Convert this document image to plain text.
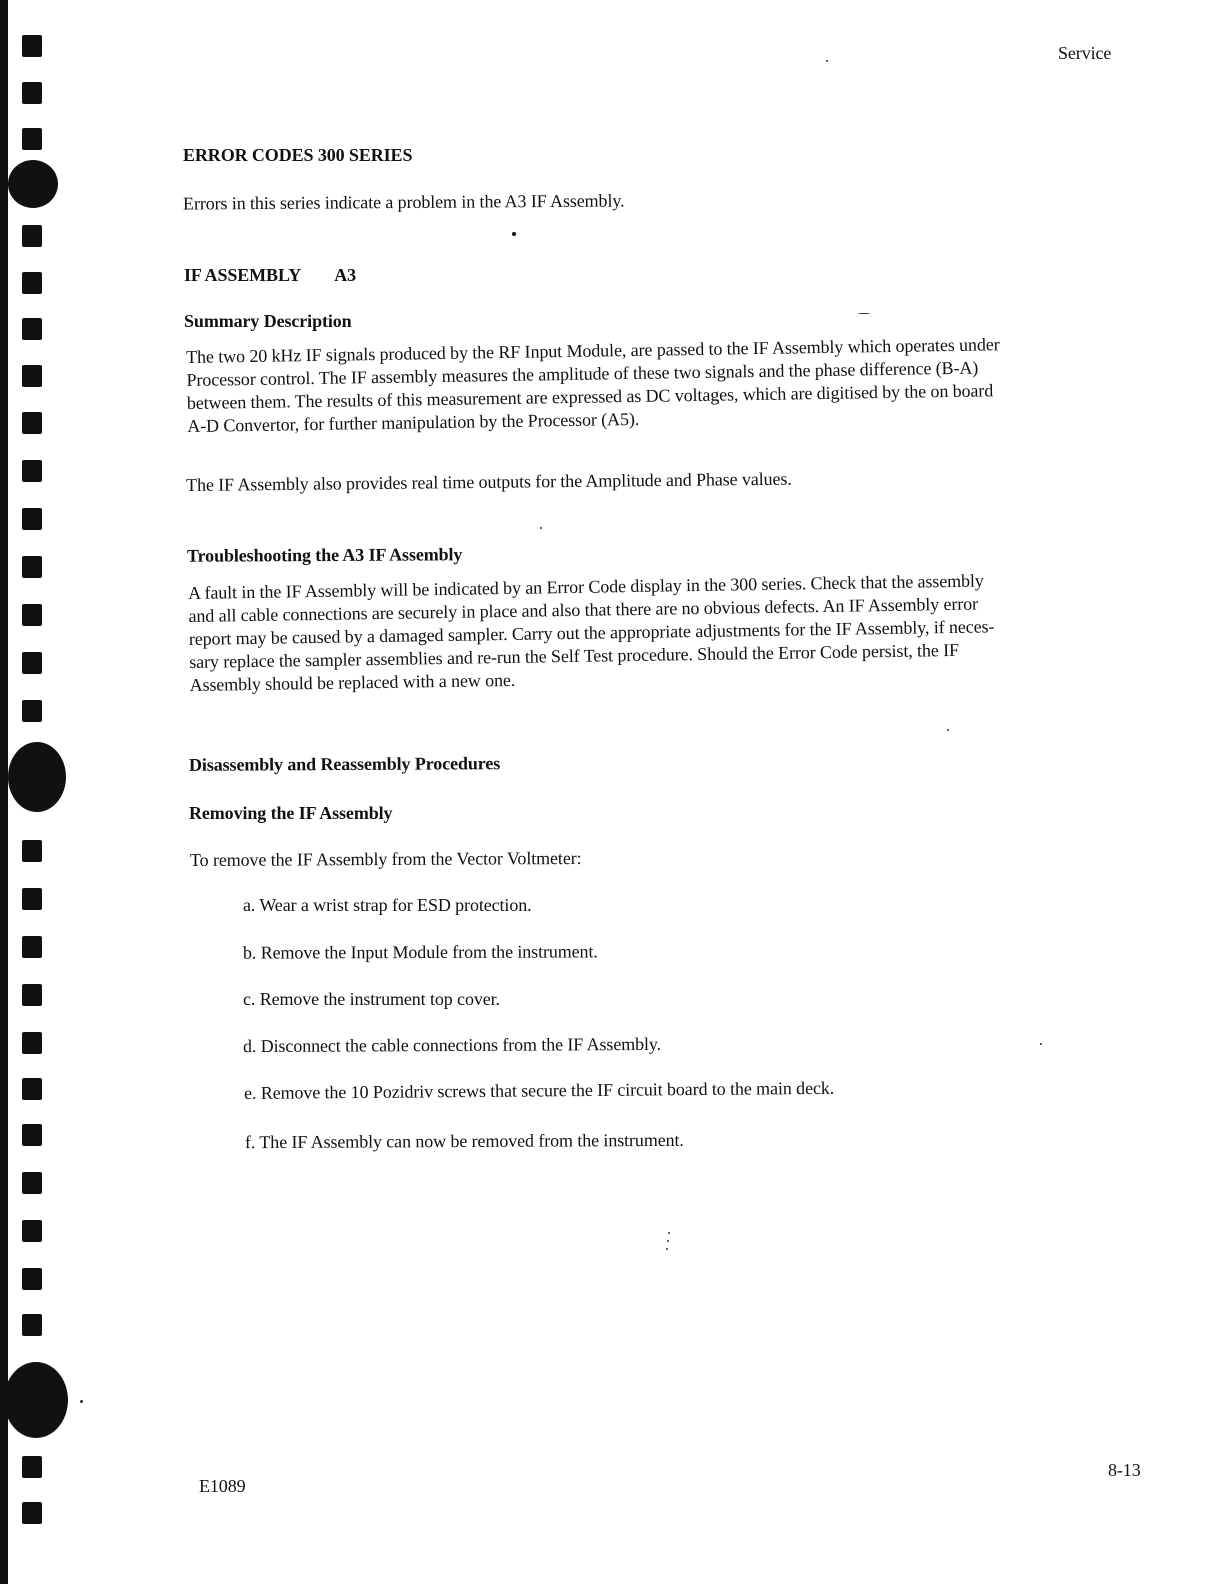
Service
ERROR CODES 300 SERIES
Errors in this series indicate a problem in the A3 IF Assembly.
IF ASSEMBLY A3
Summary Description
The two 20 kHz IF signals produced by the RF Input Module, are passed to the IF Assembly which operates under
Processor control. The IF assembly measures the amplitude of these two signals and the phase difference (B-A)
between them. The results of this measurement are expressed as DC voltages, which are digitised by the on board
A-D Convertor, for further manipulation by the Processor (A5).
The IF Assembly also provides real time outputs for the Amplitude and Phase values.
Troubleshooting the A3 IF Assembly
A fault in the IF Assembly will be indicated by an Error Code display in the 300 series. Check that the assembly
and all cable connections are securely in place and also that there are no obvious defects. An IF Assembly error
report may be caused by a damaged sampler. Carry out the appropriate adjustments for the IF Assembly, if neces-
sary replace the sampler assemblies and re-run the Self Test procedure. Should the Error Code persist, the IF
Assembly should be replaced with a new one.
Disassembly and Reassembly Procedures
Removing the IF Assembly
To remove the IF Assembly from the Vector Voltmeter:
a. Wear a wrist strap for ESD protection.
b. Remove the Input Module from the instrument.
c. Remove the instrument top cover.
d. Disconnect the cable connections from the IF Assembly.
e. Remove the 10 Pozidriv screws that secure the IF circuit board to the main deck.
f. The IF Assembly can now be removed from the instrument.
E1089
8-13
